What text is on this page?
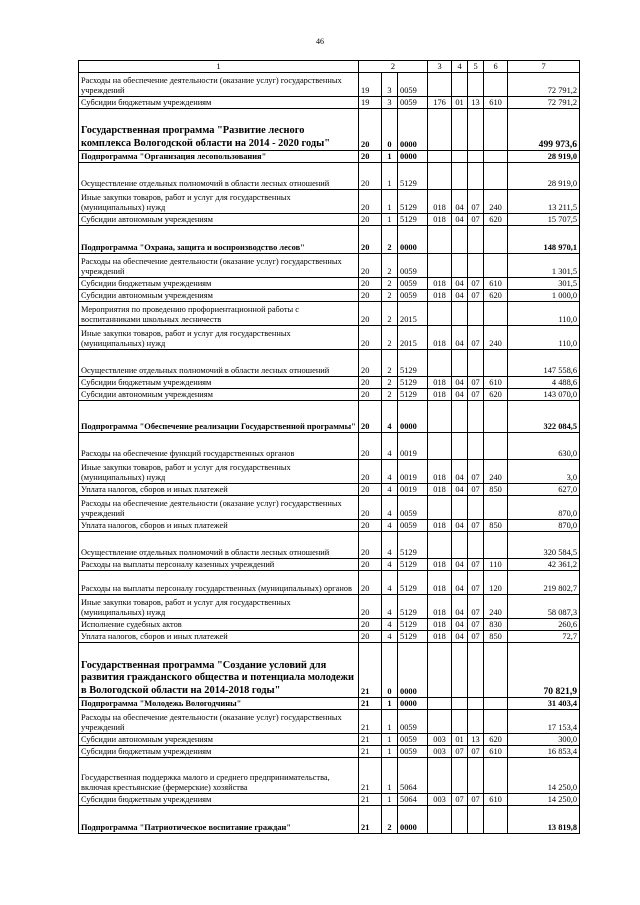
46
1	2			3	4	5	6	7
Расходы на обеспечение деятельности (оказание услуг) государственных учреждений	19	3	0059					72 791,2
Субсидии бюджетным учреждениям	19	3	0059	176	01	13	610	72 791,2
Государственная программа "Развитие лесного комплекса Вологодской области на 2014 - 2020 годы"	20	0	0000					499 973,6
Подпрограмма "Организация лесопользования"	20	1	0000					28 919,0
Осуществление отдельных полномочий в области лесных отношений	20	1	5129					28 919,0
Иные закупки товаров, работ и услуг для государственных (муниципальных) нужд	20	1	5129	018	04	07	240	13 211,5
Субсидии автономным учреждениям	20	1	5129	018	04	07	620	15 707,5
Подпрограмма "Охрана, защита и воспроизводство лесов"	20	2	0000					148 970,1
Расходы на обеспечение деятельности (оказание услуг) государственных учреждений	20	2	0059					1 301,5
Субсидии бюджетным учреждениям	20	2	0059	018	04	07	610	301,5
Субсидии автономным учреждениям	20	2	0059	018	04	07	620	1 000,0
Мероприятия по проведению профориентационной работы с воспитанниками школьных лесничеств	20	2	2015					110,0
Иные закупки товаров, работ и услуг для государственных (муниципальных) нужд	20	2	2015	018	04	07	240	110,0
Осуществление отдельных полномочий в области лесных отношений	20	2	5129					147 558,6
Субсидии бюджетным учреждениям	20	2	5129	018	04	07	610	4 488,6
Субсидии автономным учреждениям	20	2	5129	018	04	07	620	143 070,0
Подпрограмма "Обеспечение реализации Государственной программы"	20	4	0000					322 084,5
Расходы на обеспечение функций государственных органов	20	4	0019					630,0
Иные закупки товаров, работ и услуг для государственных (муниципальных) нужд	20	4	0019	018	04	07	240	3,0
Уплата налогов, сборов и иных платежей	20	4	0019	018	04	07	850	627,0
Расходы на обеспечение деятельности (оказание услуг) государственных учреждений	20	4	0059					870,0
Уплата налогов, сборов и иных платежей	20	4	0059	018	04	07	850	870,0
Осуществление отдельных полномочий в области лесных отношений	20	4	5129					320 584,5
Расходы на выплаты персоналу казенных учреждений	20	4	5129	018	04	07	110	42 361,2
Расходы на выплаты персоналу государственных (муниципальных) органов	20	4	5129	018	04	07	120	219 802,7
Иные закупки товаров, работ и услуг для государственных (муниципальных) нужд	20	4	5129	018	04	07	240	58 087,3
Исполнение судебных актов	20	4	5129	018	04	07	830	260,6
Уплата налогов, сборов и иных платежей	20	4	5129	018	04	07	850	72,7
Государственная программа "Создание условий для развития гражданского общества и потенциала молодежи в Вологодской области на 2014-2018 годы"	21	0	0000					70 821,9
Подпрограмма "Молодежь Вологодчины"	21	1	0000					31 403,4
Расходы на обеспечение деятельности (оказание услуг) государственных учреждений	21	1	0059					17 153,4
Субсидии автономным учреждениям	21	1	0059	003	01	13	620	300,0
Субсидии бюджетным учреждениям	21	1	0059	003	07	07	610	16 853,4
Государственная поддержка малого и среднего предпринимательства, включая крестьянские (фермерские) хозяйства	21	1	5064					14 250,0
Субсидии бюджетным учреждениям	21	1	5064	003	07	07	610	14 250,0
Подпрограмма "Патриотическое воспитание граждан"	21	2	0000					13 819,8
